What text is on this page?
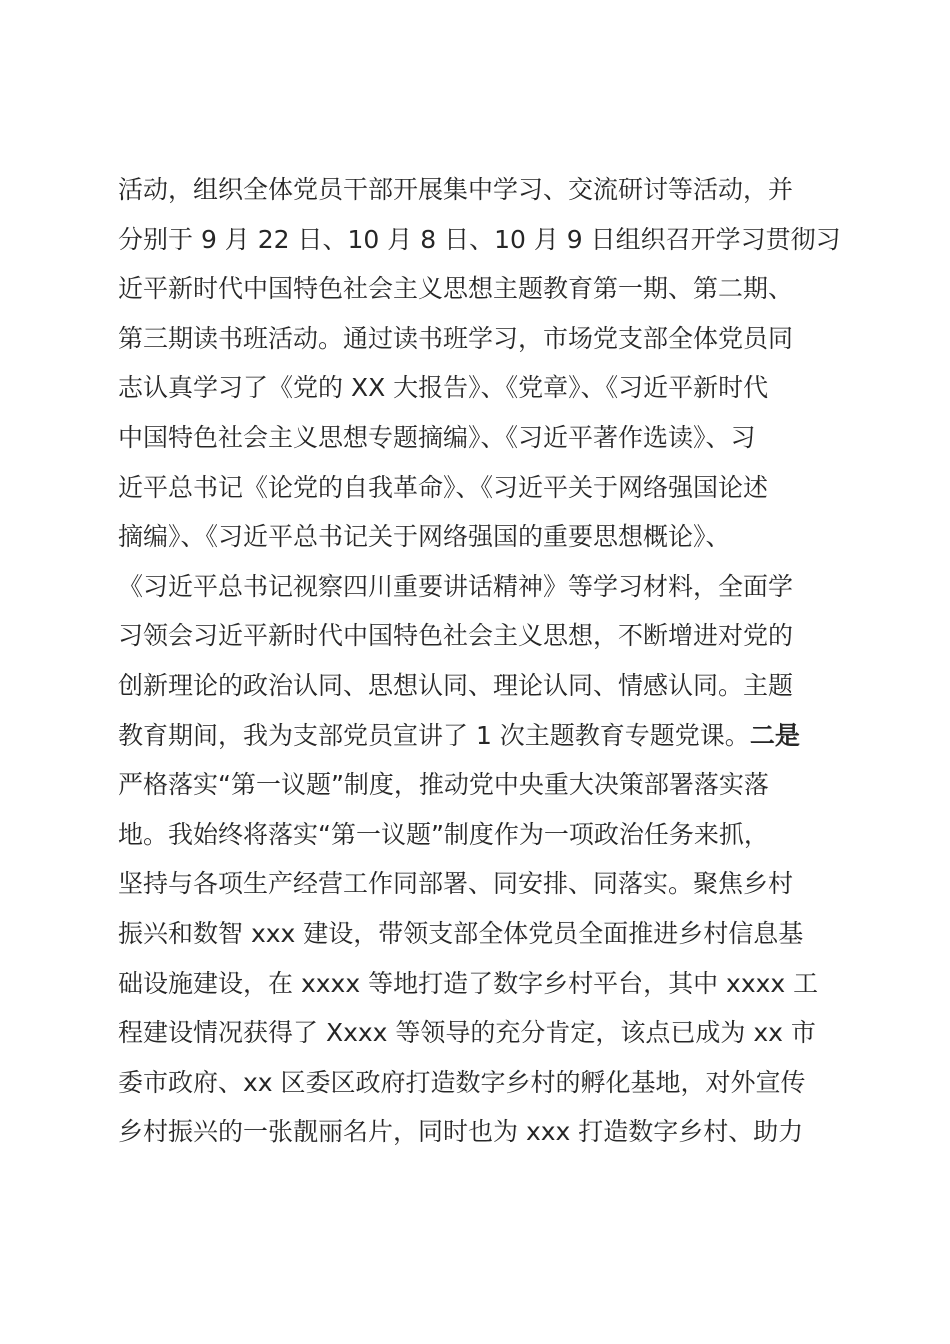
活动，组织全体党员干部开展集中学习、交流研讨等活动，并
分别于 9 月 22 日、10 月 8 日、10 月 9 日组织召开学习贯彻习
近平新时代中国特色社会主义思想主题教育第一期、第二期、
第三期读书班活动。通过读书班学习，市场党支部全体党员同
志认真学习了《党的 XX 大报告》、《党章》、《习近平新时代
中国特色社会主义思想专题摘编》、《习近平著作选读》、习
近平总书记《论党的自我革命》、《习近平关于网络强国论述
摘编》、《习近平总书记关于网络强国的重要思想概论》、
《习近平总书记视察四川重要讲话精神》等学习材料，全面学
习领会习近平新时代中国特色社会主义思想，不断增进对党的
创新理论的政治认同、思想认同、理论认同、情感认同。主题
教育期间，我为支部党员宣讲了 1 次主题教育专题党课。二是
严格落实“第一议题”制度，推动党中央重大决策部署落实落
地。我始终将落实“第一议题”制度作为一项政治任务来抓，
坚持与各项生产经营工作同部署、同安排、同落实。聚焦乡村
振兴和数智 xxx 建设，带领支部全体党员全面推进乡村信息基
础设施建设，在 xxxx 等地打造了数字乡村平台，其中 xxxx 工
程建设情况获得了 Xxxx 等领导的充分肯定，该点已成为 xx 市
委市政府、xx 区委区政府打造数字乡村的孵化基地，对外宣传
乡村振兴的一张靓丽名片，同时也为 xxx 打造数字乡村、助力
